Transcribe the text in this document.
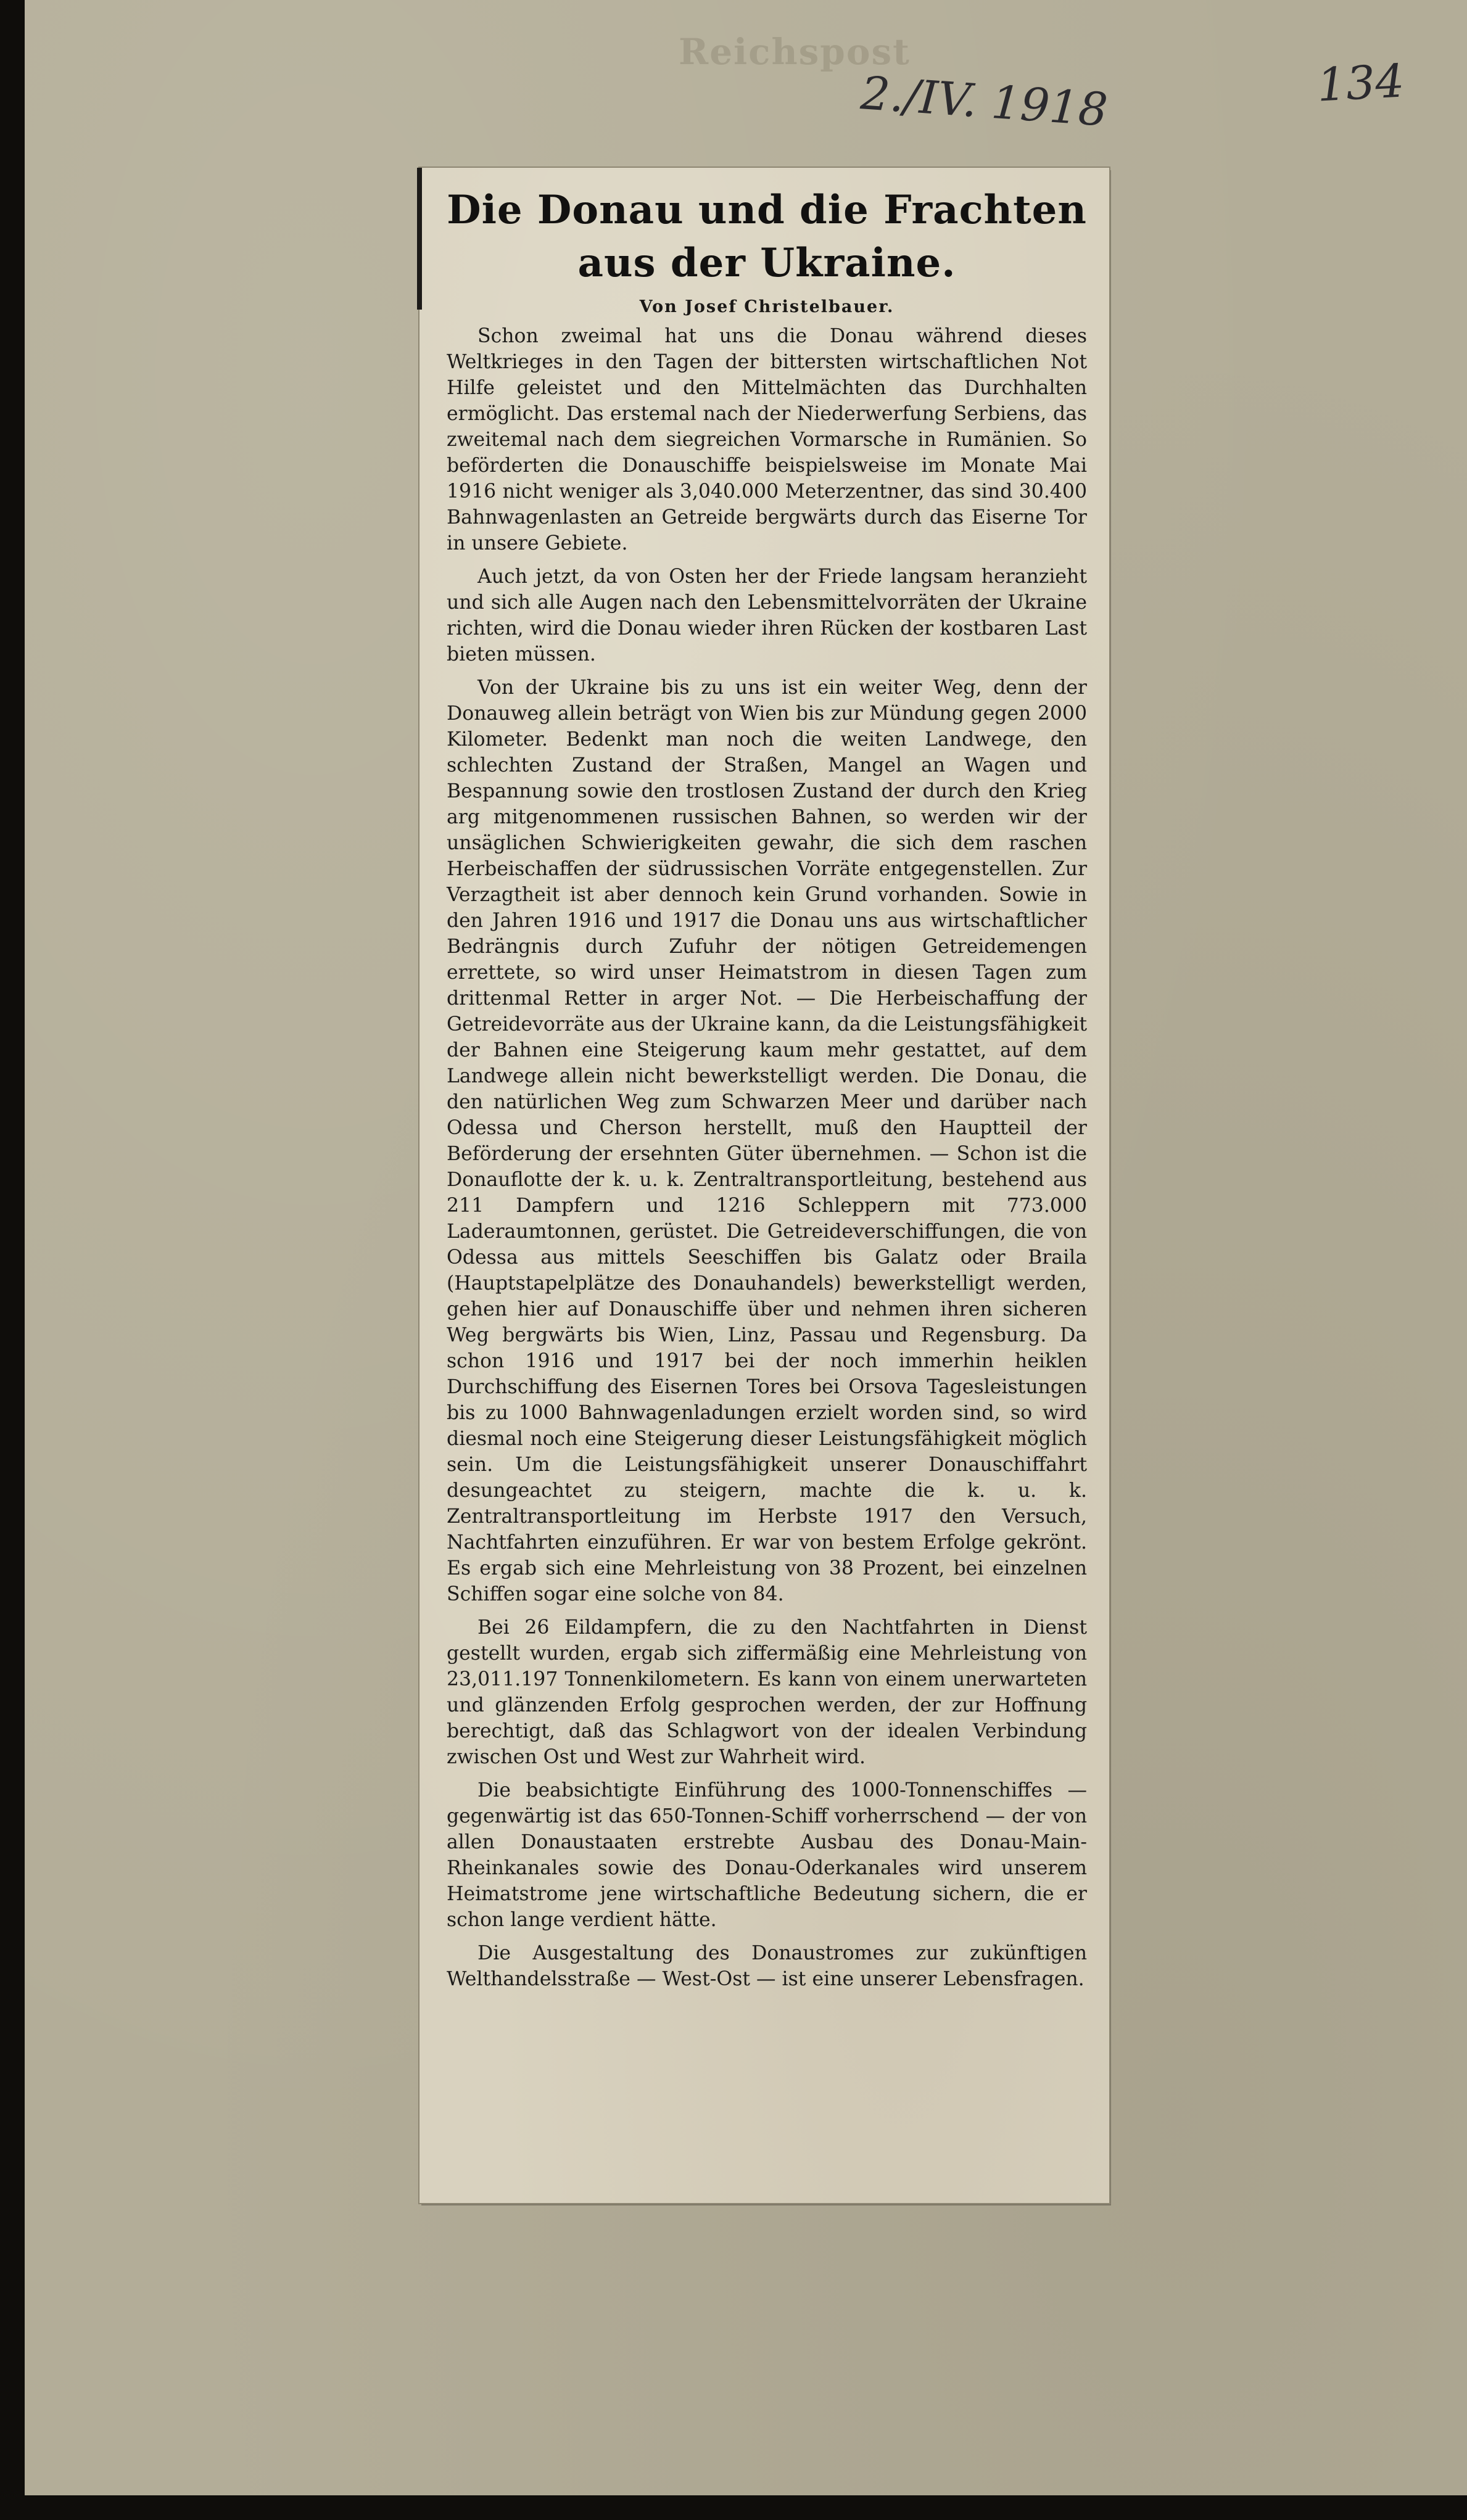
Reichspost
2./IV. 1918	134
Die Donau und die Frachten
aus der Ukraine.
Von Josef Christelbauer.

Schon zweimal hat uns die Donau während dieses Weltkrieges in den Tagen der bittersten wirtschaftlichen Not Hilfe geleistet und den Mittelmächten das Durchhalten ermöglicht. Das erstemal nach der Niederwerfung Serbiens, das zweitemal nach dem siegreichen Vormarsche in Rumänien. So beförderten die Donauschiffe beispielsweise im Monate Mai 1916 nicht weniger als 3,040.000 Meterzentner, das sind 30.400 Bahnwagenlasten an Getreide bergwärts durch das Eiserne Tor in unsere Gebiete.

Auch jetzt, da von Osten her der Friede langsam heranzieht und sich alle Augen nach den Lebensmittelvorräten der Ukraine richten, wird die Donau wieder ihren Rücken der kostbaren Last bieten müssen.

Von der Ukraine bis zu uns ist ein weiter Weg, denn der Donauweg allein beträgt von Wien bis zur Mündung gegen 2000 Kilometer. Bedenkt man noch die weiten Landwege, den schlechten Zustand der Straßen, Mangel an Wagen und Bespannung sowie den trostlosen Zustand der durch den Krieg arg mitgenommenen russischen Bahnen, so werden wir der unsäglichen Schwierigkeiten gewahr, die sich dem raschen Herbeischaffen der südrussischen Vorräte entgegenstellen. Zur Verzagtheit ist aber dennoch kein Grund vorhanden. Sowie in den Jahren 1916 und 1917 die Donau uns aus wirtschaftlicher Bedrängnis durch Zufuhr der nötigen Getreidemengen errettete, so wird unser Heimatstrom in diesen Tagen zum drittenmal Retter in arger Not. — Die Herbeischaffung der Getreidevorräte aus der Ukraine kann, da die Leistungsfähigkeit der Bahnen eine Steigerung kaum mehr gestattet, auf dem Landwege allein nicht bewerkstelligt werden. Die Donau, die den natürlichen Weg zum Schwarzen Meer und darüber nach Odessa und Cherson herstellt, muß den Hauptteil der Beförderung der ersehnten Güter übernehmen. — Schon ist die Donauflotte der k. u. k. Zentraltransportleitung, bestehend aus 211 Dampfern und 1216 Schleppern mit 773.000 Laderaumtonnen, gerüstet. Die Getreideverschiffungen, die von Odessa aus mittels Seeschiffen bis Galatz oder Braila (Hauptstapelplätze des Donauhandels) bewerkstelligt werden, gehen hier auf Donauschiffe über und nehmen ihren sicheren Weg bergwärts bis Wien, Linz, Passau und Regensburg. Da schon 1916 und 1917 bei der noch immerhin heiklen Durchschiffung des Eisernen Tores bei Orsova Tagesleistungen bis zu 1000 Bahnwagenladungen erzielt worden sind, so wird diesmal noch eine Steigerung dieser Leistungsfähigkeit möglich sein. Um die Leistungsfähigkeit unserer Donauschiffahrt desungeachtet zu steigern, machte die k. u. k. Zentraltransportleitung im Herbste 1917 den Versuch, Nachtfahrten einzuführen. Er war von bestem Erfolge gekrönt. Es ergab sich eine Mehrleistung von 38 Prozent, bei einzelnen Schiffen sogar eine solche von 84.

Bei 26 Eildampfern, die zu den Nachtfahrten in Dienst gestellt wurden, ergab sich ziffermäßig eine Mehrleistung von 23,011.197 Tonnenkilometern. Es kann von einem unerwarteten und glänzenden Erfolg gesprochen werden, der zur Hoffnung berechtigt, daß das Schlagwort von der idealen Verbindung zwischen Ost und West zur Wahrheit wird.

Die beabsichtigte Einführung des 1000-Tonnenschiffes — gegenwärtig ist das 650-Tonnen-Schiff vorherrschend — der von allen Donaustaaten erstrebte Ausbau des Donau-Main-Rheinkanales sowie des Donau-Oderkanales wird unserem Heimatstrome jene wirtschaftliche Bedeutung sichern, die er schon lange verdient hätte.

Die Ausgestaltung des Donaustromes zur zukünftigen Welthandelsstraße — West-Ost — ist eine unserer Lebensfragen.
